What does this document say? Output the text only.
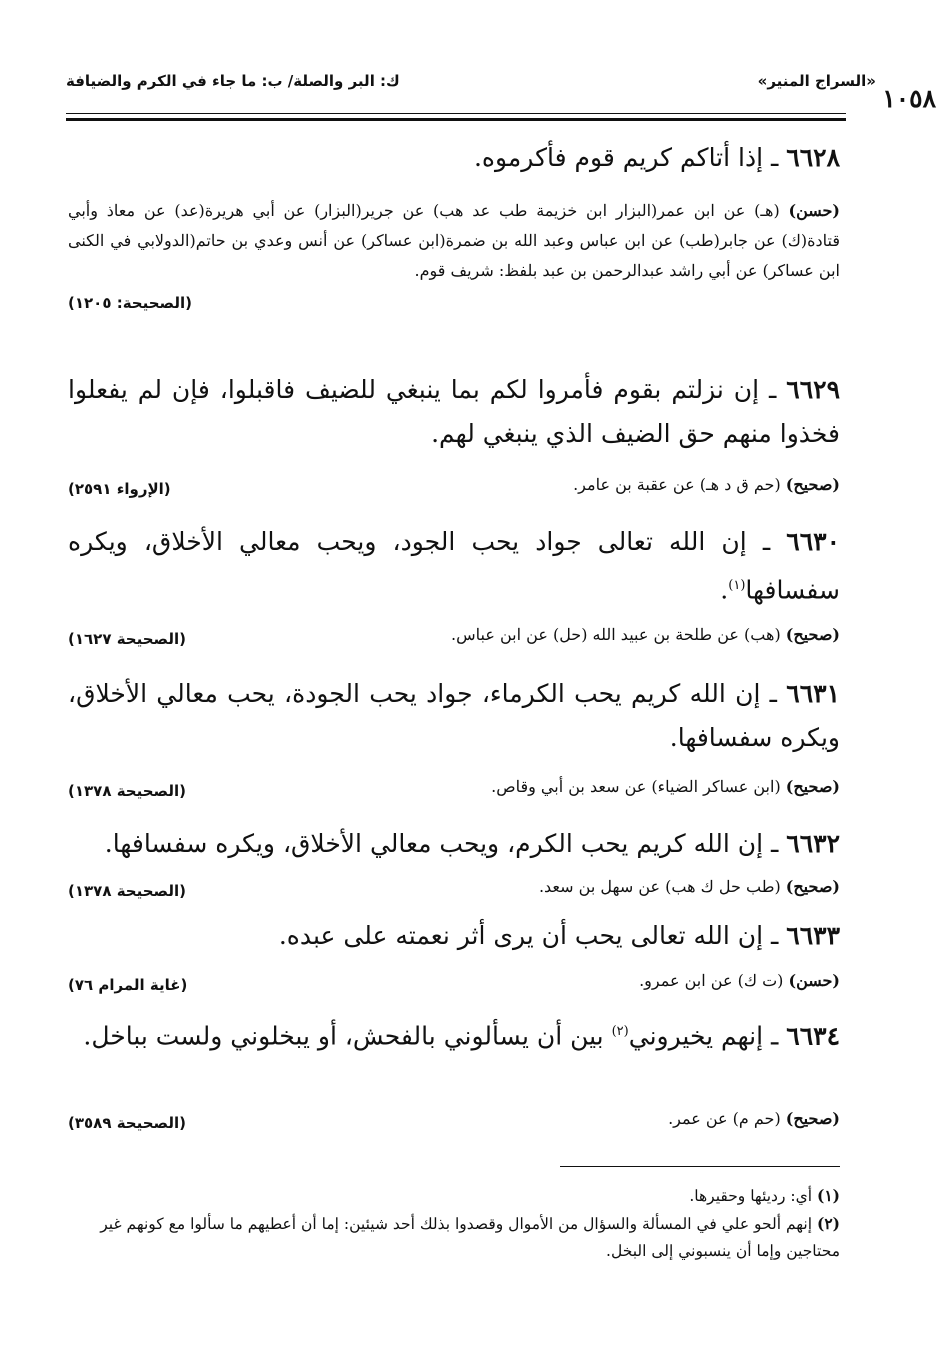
«السراج المنير»
ك: البر والصلة/ ب: ما جاء في الكرم والضيافة
١٠٥٨
٦٦٢٨ ـ إذا أتاكم كريم قوم فأكرموه.
(حسن) (هـ) عن ابن عمر(البزار ابن خزيمة طب عد هب) عن جرير(البزار) عن أبي هريرة(عد) عن معاذ وأبي قتادة(ك) عن جابر(طب) عن ابن عباس وعبد الله بن ضمرة(ابن عساكر) عن أنس وعدي بن حاتم(الدولابي في الكنى ابن عساكر) عن أبي راشد عبدالرحمن بن عبد بلفظ: شريف قوم.
(الصحيحة: ١٢٠٥)
٦٦٢٩ ـ إن نزلتم بقوم فأمروا لكم بما ينبغي للضيف فاقبلوا، فإن لم يفعلوا فخذوا منهم حق الضيف الذي ينبغي لهم.
(صحيح) (حم ق د هـ) عن عقبة بن عامر.
(الإرواء ٢٥٩١)
٦٦٣٠ ـ إن الله تعالى جواد يحب الجود، ويحب معالي الأخلاق، ويكره سفسافها$^{(١)}$.
(صحيح) (هب) عن طلحة بن عبيد الله (حل) عن ابن عباس.
(الصحيحة ١٦٢٧)
٦٦٣١ ـ إن الله كريم يحب الكرماء، جواد يحب الجودة، يحب معالي الأخلاق، ويكره سفسافها.
(صحيح) (ابن عساكر الضياء) عن سعد بن أبي وقاص.
(الصحيحة ١٣٧٨)
٦٦٣٢ ـ إن الله كريم يحب الكرم، ويحب معالي الأخلاق، ويكره سفسافها.
(صحيح) (طب حل ك هب) عن سهل بن سعد.
(الصحيحة ١٣٧٨)
٦٦٣٣ ـ إن الله تعالى يحب أن يرى أثر نعمته على عبده.
(حسن) (ت ك) عن ابن عمرو.
(غاية المرام ٧٦)
٦٦٣٤ ـ إنهم يخيروني$^{(٢)}$ بين أن يسألوني بالفحش، أو يبخلوني ولست بباخل.
(صحيح) (حم م) عن عمر.
(الصحيحة ٣٥٨٩)
(١) أي: رديئها وحقيرها.
(٢) إنهم ألحو علي في المسألة والسؤال من الأموال وقصدوا بذلك أحد شيئين: إما أن أعطيهم ما سألوا مع كونهم غير محتاجين وإما أن ينسبوني إلى البخل.
